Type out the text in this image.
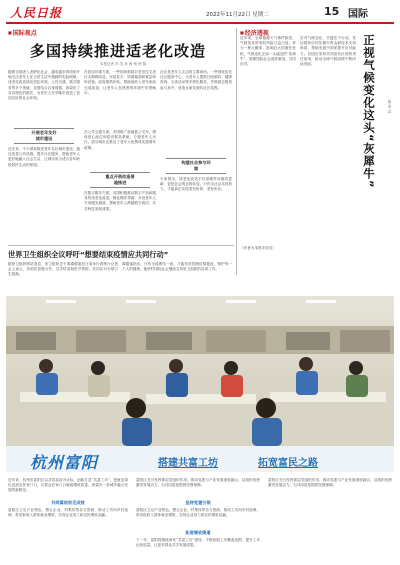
人民日报	2022年11月22日 星期二	15 国际
■ 国际视点
多国持续推进适老化改造
本报记者 冯 雪 孙 海 杨 秋 陈
随着全球进入老龄化社会，越来越多的国家开始关注老年人在日常生活中遇到的实际困难。适老化改造涉及居住环境、公共交通、数字服务等多个领域，各国结合自身国情，探索出了各具特色的做法，为老年人安享晚年创造了更加友好的社会环境。
开展老年友好
城市建设
近年来，不少国家推进老年友好城市建设，通过改善公共设施、提升社区服务，帮助老年人更好地融入社会生活，让城市成为适合各年龄段居民生活的家园。
在居住环境方面，一些国家鼓励对老旧住宅进行无障碍改造，安装扶手、防滑地面和紧急呼叫设备。政府提供补贴，帮助低收入老年家庭完成改造，让老年人在熟悉的环境中安度晚年。
在公共交通方面，多国推广低地板公交车，增设爱心座位和语音报站系统，方便老年人出行。部分城市还推出了老年人免费或优惠乘车政策。
重点开展改造普
遍推进
在数字服务方面，各国积极推动数字产品和服务的适老化改造，简化操作界面，开设老年人专用服务通道，帮助老年人跨越数字鸿沟，共享科技发展成果。
社区是老年人生活的主要场所。一些国家依托社区服务中心，为老年人提供日间照料、健康咨询、文体活动等多样化服务，并鼓励志愿者参与其中，营造互助友爱的社区氛围。
构建社会参与环
境
专家指出，适老化改造不仅是硬件设施的更新，更是社会观念的转变。只有全社会共同努力，才能真正实现老有所养、老有所乐。
■ 经济透视
近年来，全球极端天气事件频发，气候变化带来的风险日益凸显。作为一种大概率、影响巨大的潜在危机，气候变化正如一头逼近的“灰犀牛”，需要国际社会高度重视、共同应对。
应对气候变化，关键在于行动。发达国家应切实履行资金和技术支持承诺，帮助发展中国家提升应对能力。各国应坚持共同但有区别的责任原则，推动全球气候治理不断向前发展。	正视气候变化这头“灰犀牛”	陈 浩 远
（作者为本报评论员）
世界卫生组织全议呼吁“想要结束疫情应共同行动”
据世卫组织网站消息，世卫组织总干事谭德塞在日前举行的例行记者会上表示，各国应加强合作，共享疫苗和医疗资源，共同应对全球卫生挑战。
谭德塞指出，只有全球团结一致，才能有效控制疫情蔓延，保护每一个人的健康。他呼吁国际社会继续支持世卫组织的各项工作。
杭州富阳	搭建共富工坊	拓宽富民之路
近年来，杭州市富阳区以共同富裕为目标，创新打造“共富工坊”，把就业岗位送到农民家门口，让群众在家门口就能增收致富，探索出一条城乡融合发展的新路径。
共同富裕初见成效
富阳区立足产业特色，整合企业、村集体等各方资源，推动工坊向乡村延伸，带动低收入群体就业增收，实现企业用工和农民增收双赢。
坚持党建引领
富阳区充分发挥基层党组织作用，推动党建与产业发展深度融合，以组织优势激发发展活力，为共同富裕提供坚强保障。
拓宽增收渠道
富阳区立足产业特色，整合企业、村集体等各方资源，推动工坊向乡村延伸，带动低收入群体就业增收，实现企业用工和农民增收双赢。
下一步，富阳将继续深化“共富工坊”建设，不断拓展工坊覆盖范围，提升工坊运营质量，让更多群众共享发展成果。
富阳区充分发挥基层党组织作用，推动党建与产业发展深度融合，以组织优势激发发展活力，为共同富裕提供坚强保障。
